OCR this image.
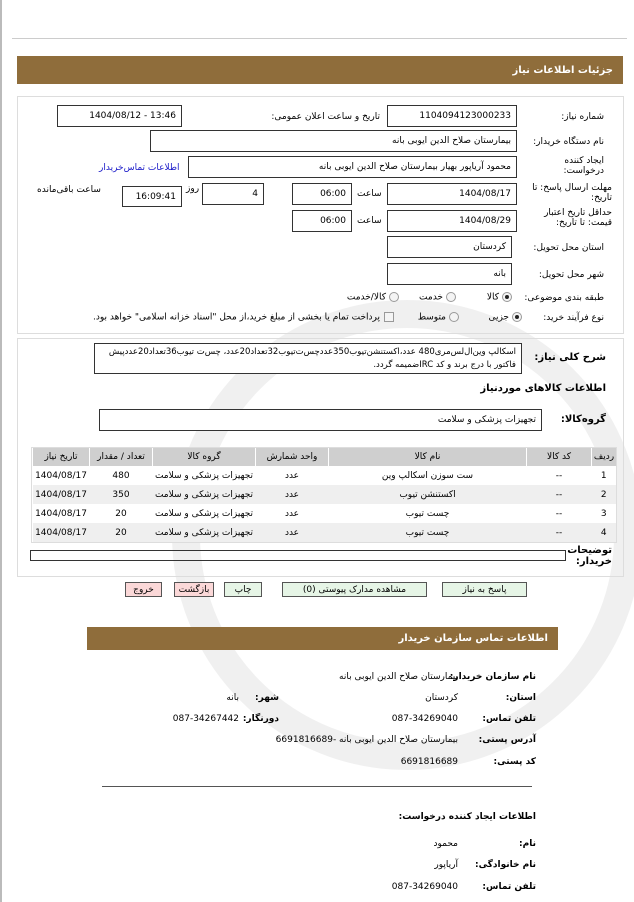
جزئیات اطلاعات نیاز
شماره نیاز:
1104094123000233
تاریخ و ساعت اعلان عمومی:
1404/08/12 - 13:46
نام دستگاه خریدار:
بیمارستان صلاح الدین ایوبی بانه
ایجاد کننده درخواست:
محمود آریاپور بهیار بیمارستان صلاح الدین ایوبی بانه
اطلاعات تماس‌خریدار
مهلت ارسال پاسخ: تا تاریخ:
1404/08/17
ساعت
06:00
4
روز
16:09:41
ساعت باقی‌مانده
حداقل تاریخ اعتبار قیمت: تا تاریخ:
1404/08/29
ساعت
06:00
استان محل تحویل:
کردستان
شهر محل تحویل:
بانه
طبقه بندی موضوعی:
کالا
خدمت
کالا/خدمت
نوع فرآیند خرید:
جزیی
متوسط
پرداخت تمام یا بخشی از مبلغ خرید،از محل "اسناد خزانه اسلامی" خواهد بود.
شرح کلی نیاز:
اسکالپ وین‌ال‌لس‌مری480 عدد،اکستنشن‌تیوب350عدد‌چس‌ت‌تیوب32تعداد20عدد، چس‌ت تیوب36تعداد20عدد‌پیش فاکتور با درج برند و کد IRC‌ضمیمه گردد.
اطلاعات کالاهای موردنیاز
گروه‌کالا:
تجهیزات پزشکی و سلامت
ردیف	کد کالا	نام کالا	واحد شمارش	گروه کالا	تعداد / مقدار	تاریخ نیاز
1	--	ست سوزن اسکالپ وین	عدد	تجهیزات پزشکی و سلامت	480	1404/08/17
2	--	اکستنشن تیوب	عدد	تجهیزات پزشکی و سلامت	350	1404/08/17
3	--	چست تیوب	عدد	تجهیزات پزشکی و سلامت	20	1404/08/17
4	--	چست تیوب	عدد	تجهیزات پزشکی و سلامت	20	1404/08/17
توضیحات خریدار:
پاسخ به نیاز
مشاهده مدارک پیوستی (0)
چاپ
بازگشت
خروج
اطلاعات تماس سازمان خریدار
نام سازمان خریدار:
بیمارستان صلاح الدین ایوبی بانه
استان:
کردستان
شهر:
بانه
تلفن تماس:
087-34269040
دورنگار:
087-34267442
آدرس پستی:
بیمارستان صلاح الدین ایوبی بانه -6691816689
کد پستی:
6691816689
اطلاعات ایجاد کننده درخواست:
نام:
محمود
نام خانوادگی:
آریاپور
تلفن تماس:
087-34269040
